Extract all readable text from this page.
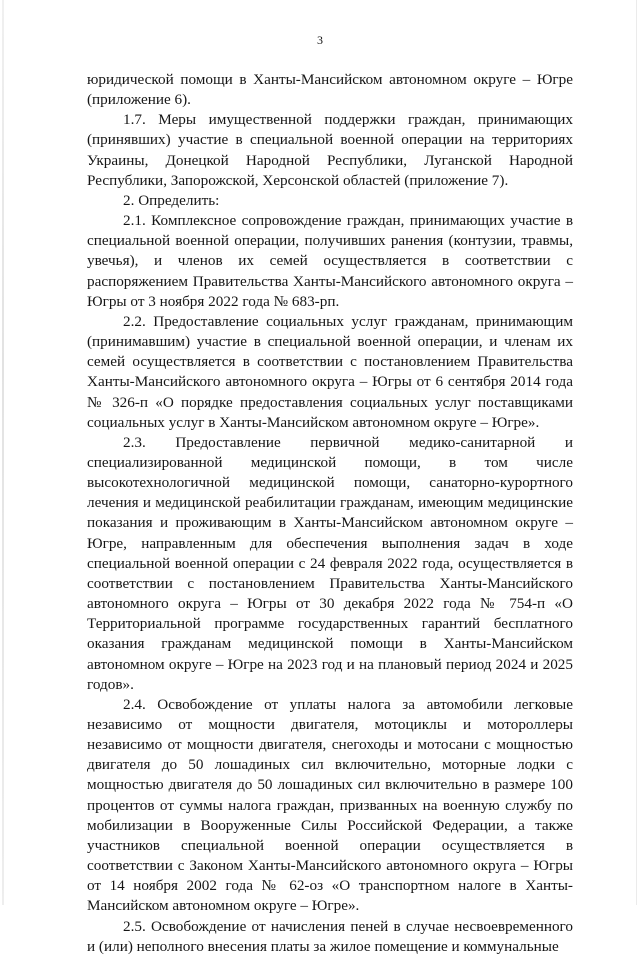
3

юридической помощи в Ханты-Мансийском автономном округе – Югре (приложение 6).

1.7. Меры имущественной поддержки граждан, принимающих (принявших) участие в специальной военной операции на территориях Украины, Донецкой Народной Республики, Луганской Народной Республики, Запорожской, Херсонской областей (приложение 7).

2. Определить:

2.1. Комплексное сопровождение граждан, принимающих участие в специальной военной операции, получивших ранения (контузии, травмы, увечья), и членов их семей осуществляется в соответствии с распоряжением Правительства Ханты-Мансийского автономного округа – Югры от 3 ноября 2022 года № 683-рп.

2.2. Предоставление социальных услуг гражданам, принимающим (принимавшим) участие в специальной военной операции, и членам их семей осуществляется в соответствии с постановлением Правительства Ханты-Мансийского автономного округа – Югры от 6 сентября 2014 года № 326-п «О порядке предоставления социальных услуг поставщиками социальных услуг в Ханты-Мансийском автономном округе – Югре».

2.3. Предоставление первичной медико-санитарной и специализированной медицинской помощи, в том числе высокотехнологичной медицинской помощи, санаторно-курортного лечения и медицинской реабилитации гражданам, имеющим медицинские показания и проживающим в Ханты-Мансийском автономном округе – Югре, направленным для обеспечения выполнения задач в ходе специальной военной операции с 24 февраля 2022 года, осуществляется в соответствии с постановлением Правительства Ханты-Мансийского автономного округа – Югры от 30 декабря 2022 года № 754-п «О Территориальной программе государственных гарантий бесплатного оказания гражданам медицинской помощи в Ханты-Мансийском автономном округе – Югре на 2023 год и на плановый период 2024 и 2025 годов».

2.4. Освобождение от уплаты налога за автомобили легковые независимо от мощности двигателя, мотоциклы и мотороллеры независимо от мощности двигателя, снегоходы и мотосани с мощностью двигателя до 50 лошадиных сил включительно, моторные лодки с мощностью двигателя до 50 лошадиных сил включительно в размере 100 процентов от суммы налога граждан, призванных на военную службу по мобилизации в Вооруженные Силы Российской Федерации, а также участников специальной военной операции осуществляется в соответствии с Законом Ханты-Мансийского автономного округа – Югры от 14 ноября 2002 года № 62-оз «О транспортном налоге в Ханты-Мансийском автономном округе – Югре».

2.5. Освобождение от начисления пеней в случае несвоевременного и (или) неполного внесения платы за жилое помещение и коммунальные
